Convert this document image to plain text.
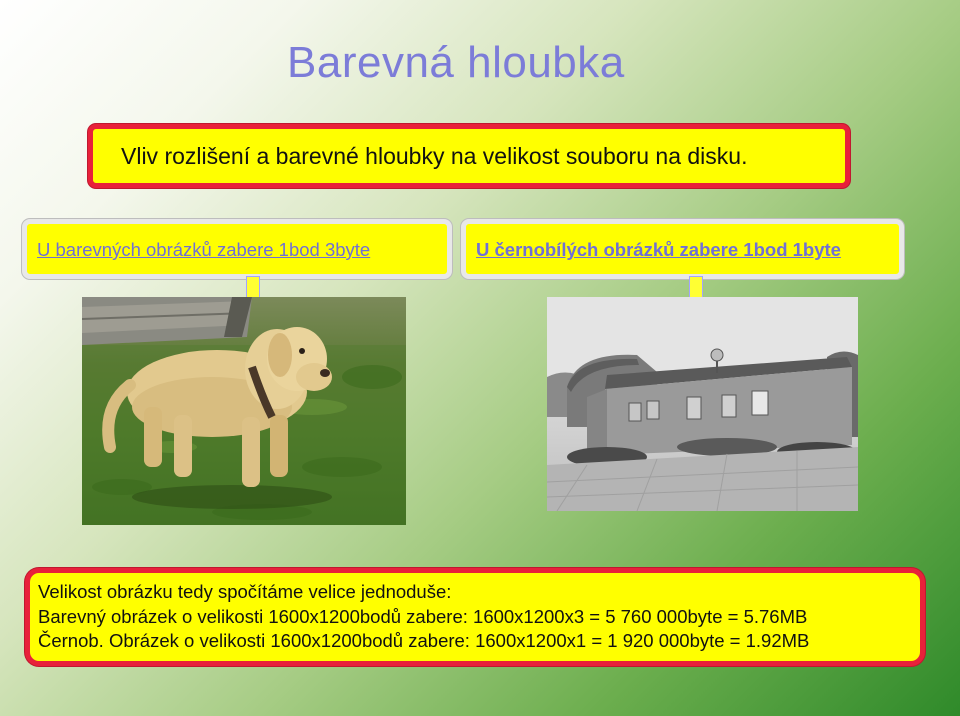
Barevná hloubka
Vliv rozlišení a barevné hloubky na velikost souboru na disku.
U barevných obrázků zabere 1bod 3byte	U černobílých obrázků zabere 1bod 1byte
Velikost obrázku tedy spočítáme velice jednoduše:
Barevný obrázek o velikosti 1600x1200bodů zabere: 1600x1200x3 = 5 760 000byte = 5.76MB
Černob. Obrázek o velikosti 1600x1200bodů zabere: 1600x1200x1 = 1 920 000byte = 1.92MB
